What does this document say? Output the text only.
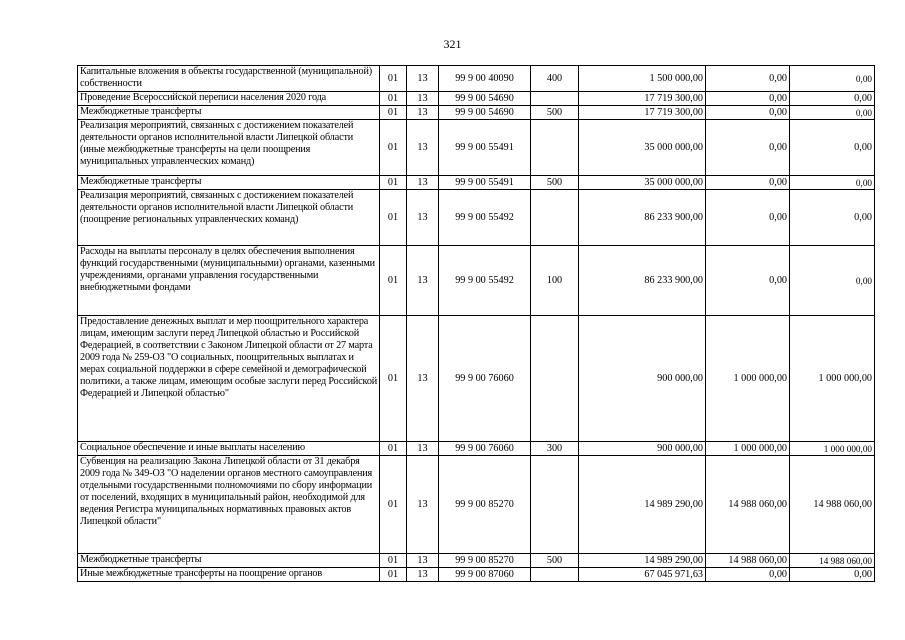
321
Капитальные вложения в объекты государственной (муниципальной) собственности	01	13	99 9 00 40090	400	1 500 000,00	0,00	0,00
Проведение Всероссийской переписи населения 2020 года	01	13	99 9 00 54690		17 719 300,00	0,00	0,00
Межбюджетные трансферты	01	13	99 9 00 54690	500	17 719 300,00	0,00	0,00
Реализация мероприятий, связанных с достижением показателей деятельности органов исполнительной власти Липецкой области (иные межбюджетные трансферты на цели поощрения муниципальных управленческих команд)	01	13	99 9 00 55491		35 000 000,00	0,00	0,00
Межбюджетные трансферты	01	13	99 9 00 55491	500	35 000 000,00	0,00	0,00
Реализация мероприятий, связанных с достижением показателей деятельности органов исполнительной власти Липецкой области (поощрение региональных управленческих команд)	01	13	99 9 00 55492		86 233 900,00	0,00	0,00
Расходы на выплаты персоналу в целях обеспечения выполнения функций государственными (муниципальными) органами, казенными учреждениями, органами управления государственными внебюджетными фондами	01	13	99 9 00 55492	100	86 233 900,00	0,00	0,00
Предоставление денежных выплат и мер поощрительного характера лицам, имеющим заслуги перед Липецкой областью и Российской Федерацией, в соответствии с Законом Липецкой области от 27 марта 2009 года № 259-ОЗ "О социальных, поощрительных выплатах и мерах социальной поддержки в сфере семейной и демографической политики, а также лицам, имеющим особые заслуги перед Российской Федерацией и Липецкой областью"	01	13	99 9 00 76060		900 000,00	1 000 000,00	1 000 000,00
Социальное обеспечение и иные выплаты населению	01	13	99 9 00 76060	300	900 000,00	1 000 000,00	1 000 000,00
Субвенция на реализацию Закона Липецкой области от 31 декабря 2009 года № 349-ОЗ "О наделении органов местного самоуправления отдельными государственными полномочиями по сбору информации от поселений, входящих в муниципальный район, необходимой для ведения Регистра муниципальных нормативных правовых актов Липецкой области"	01	13	99 9 00 85270		14 989 290,00	14 988 060,00	14 988 060,00
Межбюджетные трансферты	01	13	99 9 00 85270	500	14 989 290,00	14 988 060,00	14 988 060,00
Иные межбюджетные трансферты на поощрение органов	01	13	99 9 00 87060		67 045 971,63	0,00	0,00
